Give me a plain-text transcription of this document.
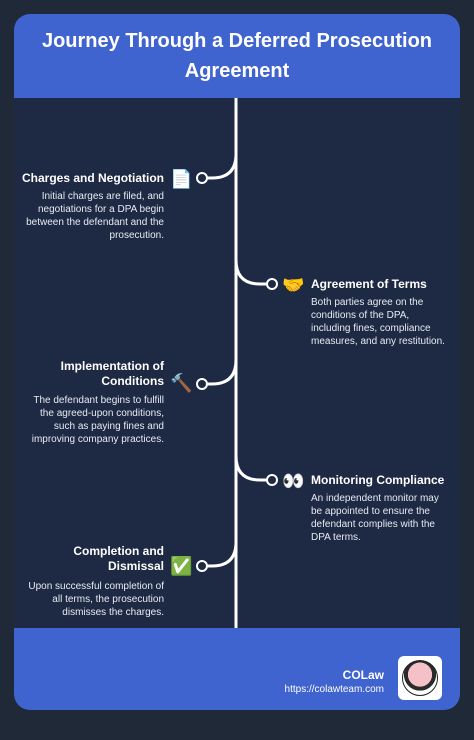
Journey Through a Deferred Prosecution Agreement
📄
Charges and Negotiation
Initial charges are filed, and negotiations for a DPA begin between the defendant and the prosecution.
🤝 Agreement of Terms
Both parties agree on the conditions of the DPA, including fines, compliance measures, and any restitution.
🔨
Implementation of Conditions
The defendant begins to fulfill the agreed-upon conditions, such as paying fines and improving company practices.
👀 Monitoring Compliance
An independent monitor may be appointed to ensure the defendant complies with the DPA terms.
✅
Completion and Dismissal
Upon successful completion of all terms, the prosecution dismisses the charges.
COLaw
https://colawteam.com
